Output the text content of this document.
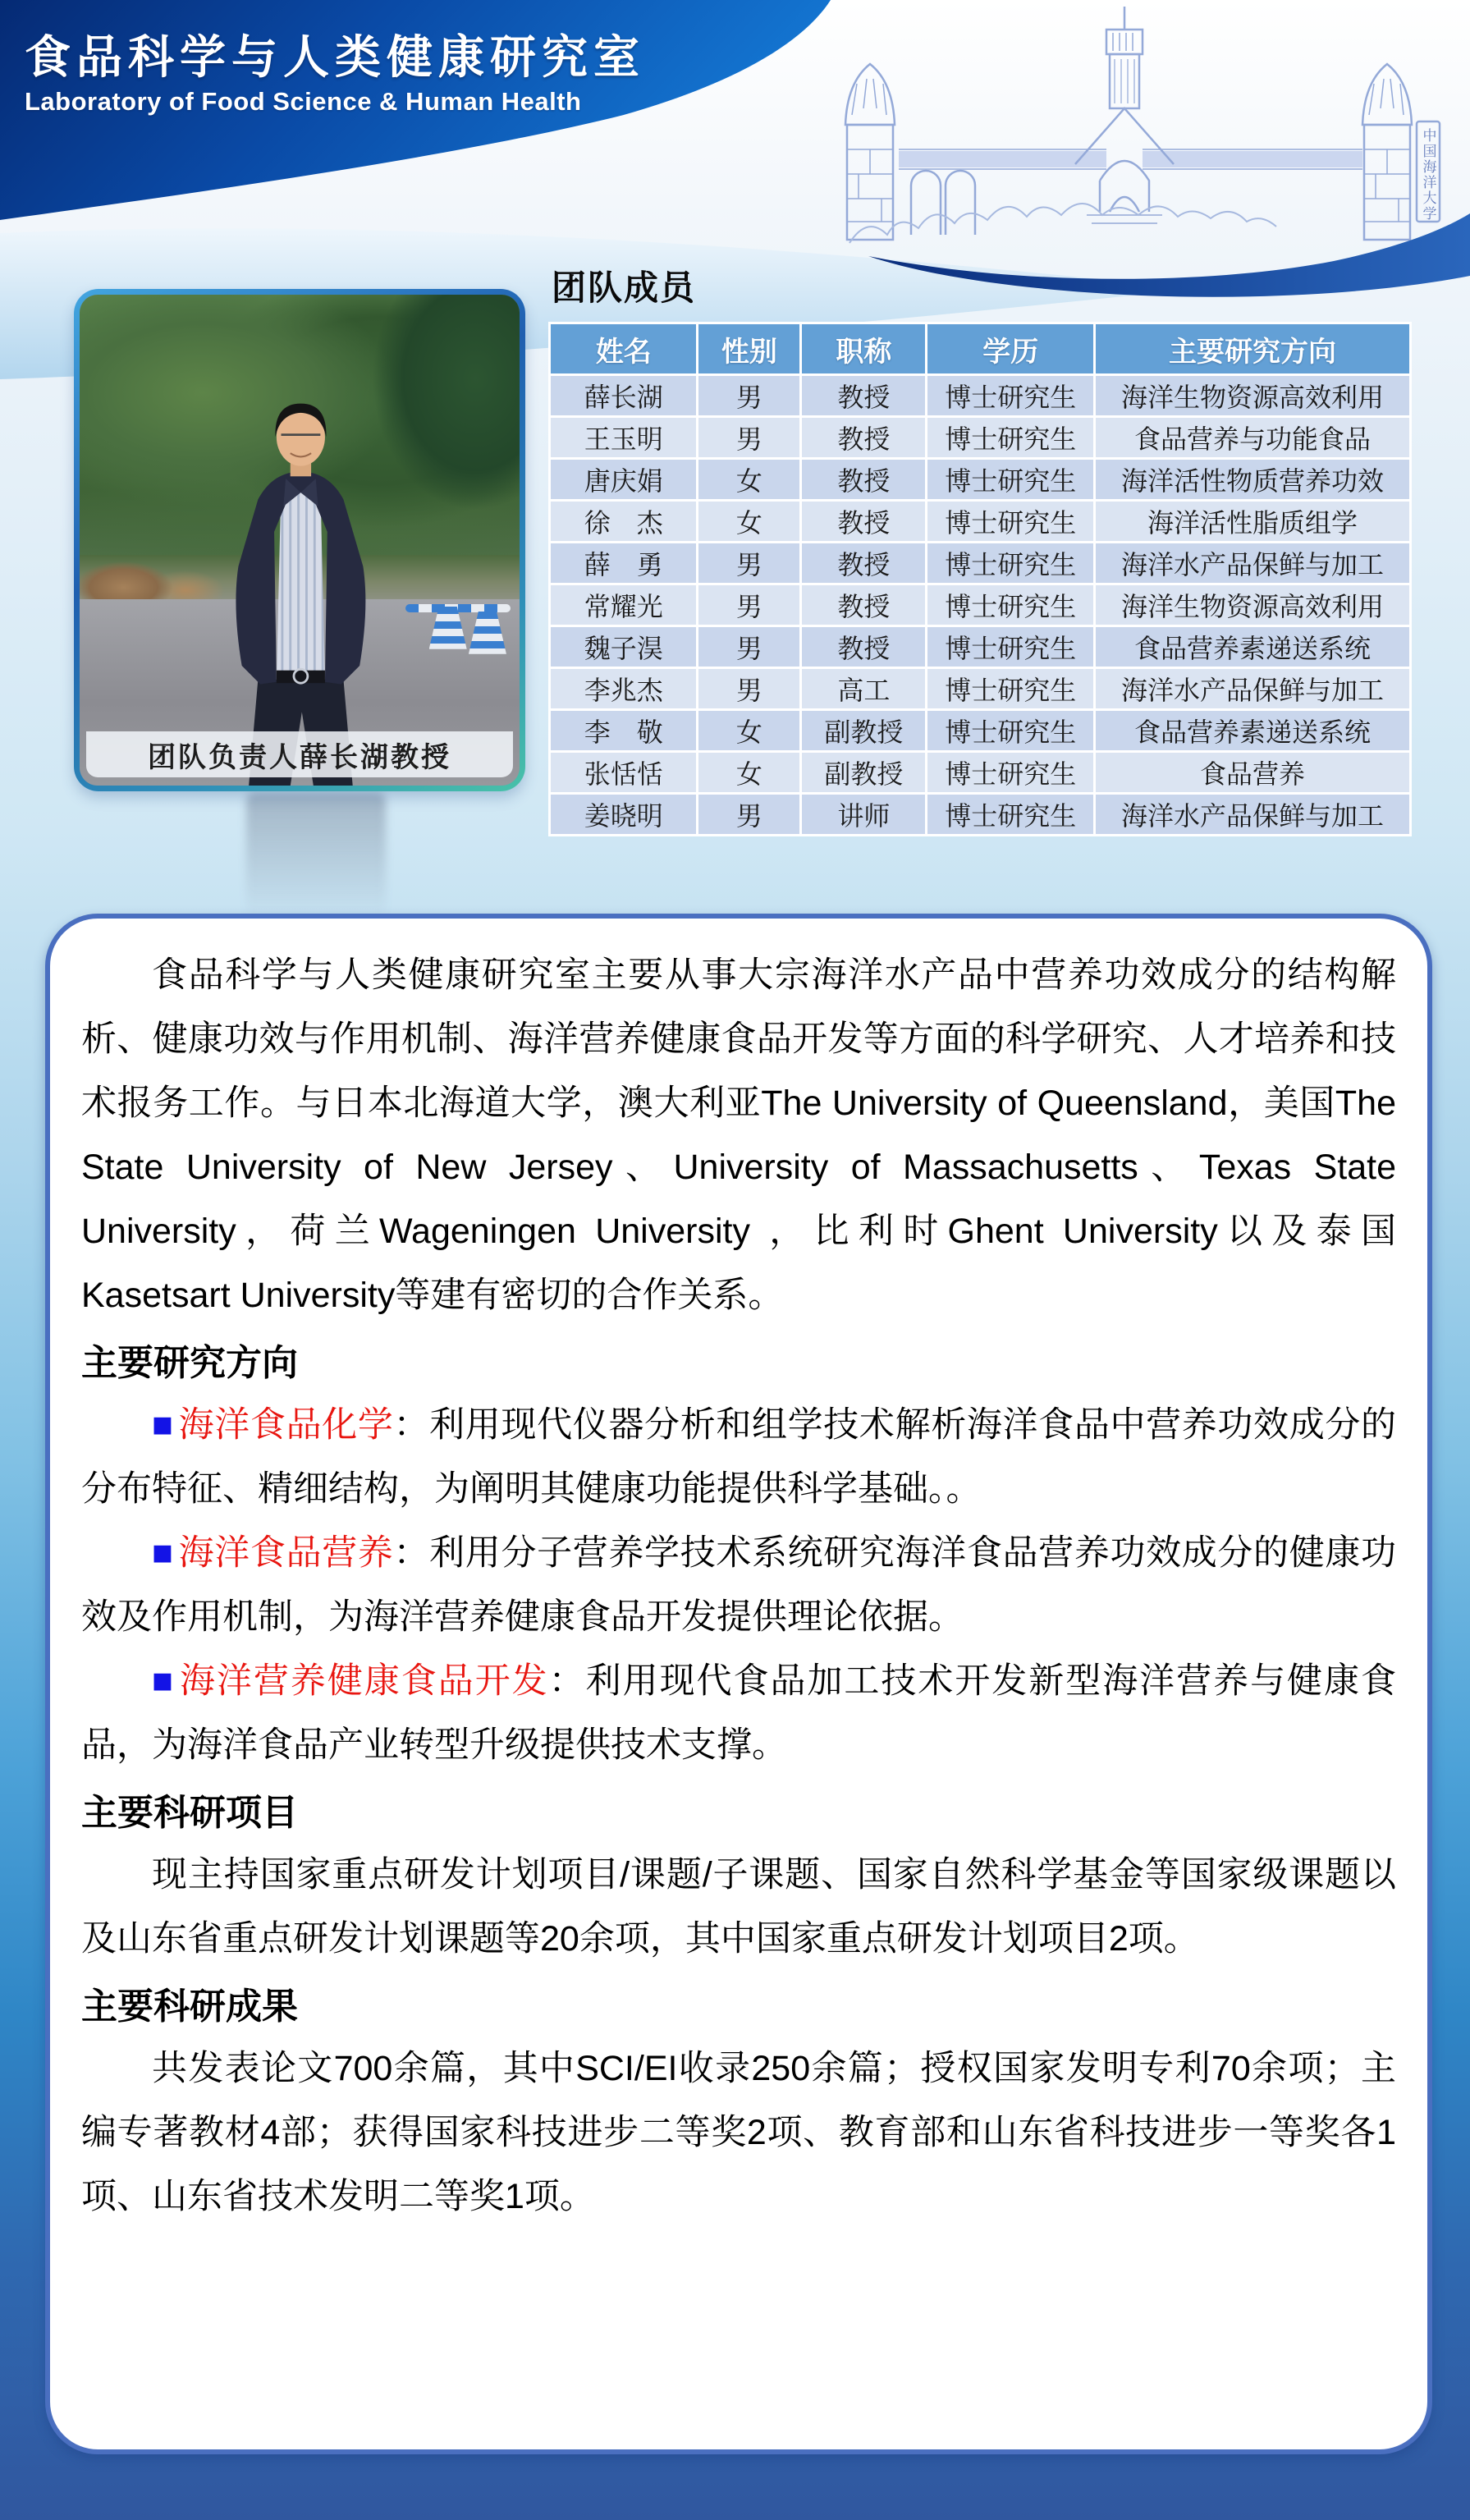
中国海洋大学
食品科学与人类健康研究室
Laboratory of Food Science & Human Health
团队负责人薛长湖教授
团队成员
姓名	性别	职称	学历	主要研究方向
薛长湖	男	教授	博士研究生	海洋生物资源高效利用
王玉明	男	教授	博士研究生	食品营养与功能食品
唐庆娟	女	教授	博士研究生	海洋活性物质营养功效
徐　杰	女	教授	博士研究生	海洋活性脂质组学
薛　勇	男	教授	博士研究生	海洋水产品保鲜与加工
常耀光	男	教授	博士研究生	海洋生物资源高效利用
魏子淏	男	教授	博士研究生	食品营养素递送系统
李兆杰	男	高工	博士研究生	海洋水产品保鲜与加工
李　敬	女	副教授	博士研究生	食品营养素递送系统
张恬恬	女	副教授	博士研究生	食品营养
姜晓明	男	讲师	博士研究生	海洋水产品保鲜与加工

食品科学与人类健康研究室主要从事大宗海洋水产品中营养功效成分的结构解析、健康功效与作用机制、海洋营养健康食品开发等方面的科学研究、人才培养和技术报务工作。与日本北海道大学，澳大利亚The University of Queensland，美国The State University of New Jersey、University of Massachusetts、Texas State University，荷兰Wageningen University ，比利时Ghent University以及泰国Kasetsart University等建有密切的合作关系。

主要研究方向

■ 海洋食品化学：利用现代仪器分析和组学技术解析海洋食品中营养功效成分的分布特征、精细结构，为阐明其健康功能提供科学基础。。

■ 海洋食品营养：利用分子营养学技术系统研究海洋食品营养功效成分的健康功效及作用机制，为海洋营养健康食品开发提供理论依据。

■ 海洋营养健康食品开发：利用现代食品加工技术开发新型海洋营养与健康食品，为海洋食品产业转型升级提供技术支撑。

主要科研项目

现主持国家重点研发计划项目/课题/子课题、国家自然科学基金等国家级课题以及山东省重点研发计划课题等20余项，其中国家重点研发计划项目2项。

主要科研成果

共发表论文700余篇，其中SCI/EI收录250余篇；授权国家发明专利70余项；主编专著教材4部；获得国家科技进步二等奖2项、教育部和山东省科技进步一等奖各1项、山东省技术发明二等奖1项。
